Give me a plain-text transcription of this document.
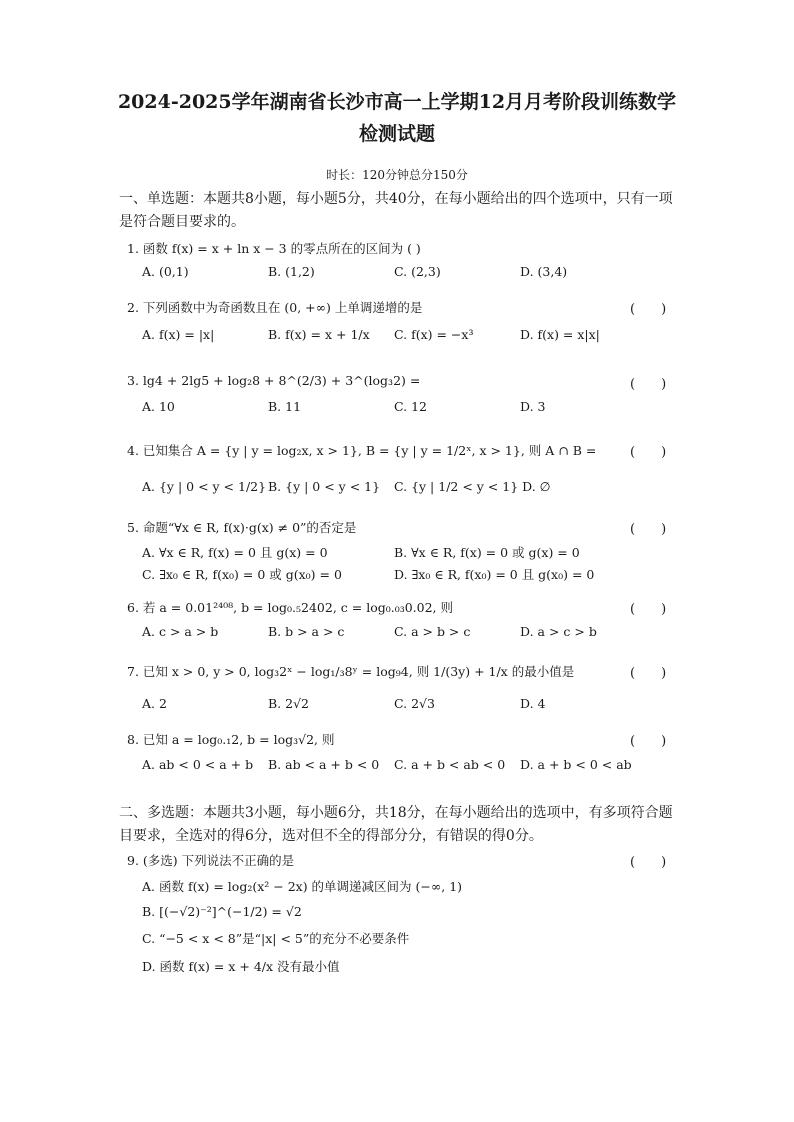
2024-2025学年湖南省长沙市高一上学期12月月考阶段训练数学
检测试题
时长：120分钟总分150分
一、单选题：本题共8小题，每小题5分，共40分，在每小题给出的四个选项中，只有一项是符合题目要求的。
1. 函数 f(x) = x + ln x − 3 的零点所在的区间为 ( )
A. (0,1)	B. (1,2)	C. (2,3)	D. (3,4)
2. 下列函数中为奇函数且在 (0, +∞) 上单调递增的是	(　　)
A. f(x) = |x|	B. f(x) = x + 1/x C. f(x) = −x³	D. f(x) = x|x|
3. lg4 + 2lg5 + log₂8 + 8^(2/3) + 3^(log₃2) =	(　　)
A. 10	B. 11	C. 12	D. 3
4. 已知集合 A = {y | y = log₂x, x > 1}, B = {y | y = 1/2ˣ, x > 1}, 则 A ∩ B =	(　　)
A. {y | 0 < y < 1/2} B. {y | 0 < y < 1} C. {y | 1/2 < y < 1} D. ∅
5. 命题“∀x ∈ R, f(x)·g(x) ≠ 0”的否定是	(　　)
A. ∀x ∈ R, f(x) = 0 且 g(x) = 0	B. ∀x ∈ R, f(x) = 0 或 g(x) = 0
C. ∃x₀ ∈ R, f(x₀) = 0 或 g(x₀) = 0	D. ∃x₀ ∈ R, f(x₀) = 0 且 g(x₀) = 0
6. 若 a = 0.01²⁴⁰⁸, b = log₀.₅2402, c = log₀.₀₃0.02, 则	(　　)
A. c > a > b	B. b > a > c	C. a > b > c	D. a > c > b
7. 已知 x > 0, y > 0, log₃2ˣ − log₁/₃8ʸ = log₉4, 则 1/(3y) + 1/x 的最小值是	(　　)
A. 2	B. 2√2	C. 2√3	D. 4
8. 已知 a = log₀.₁2, b = log₃√2, 则	(　　)
A. ab < 0 < a + b B. ab < a + b < 0 C. a + b < ab < 0 D. a + b < 0 < ab
二、多选题：本题共3小题，每小题6分，共18分，在每小题给出的选项中，有多项符合题目要求，全选对的得6分，选对但不全的得部分分，有错误的得0分。
9. (多选) 下列说法不正确的是	(　　)
A. 函数 f(x) = log₂(x² − 2x) 的单调递减区间为 (−∞, 1)
B. [(−√2)⁻²]^(−1/2) = √2
C. “−5 < x < 8”是“|x| < 5”的充分不必要条件
D. 函数 f(x) = x + 4/x 没有最小值
